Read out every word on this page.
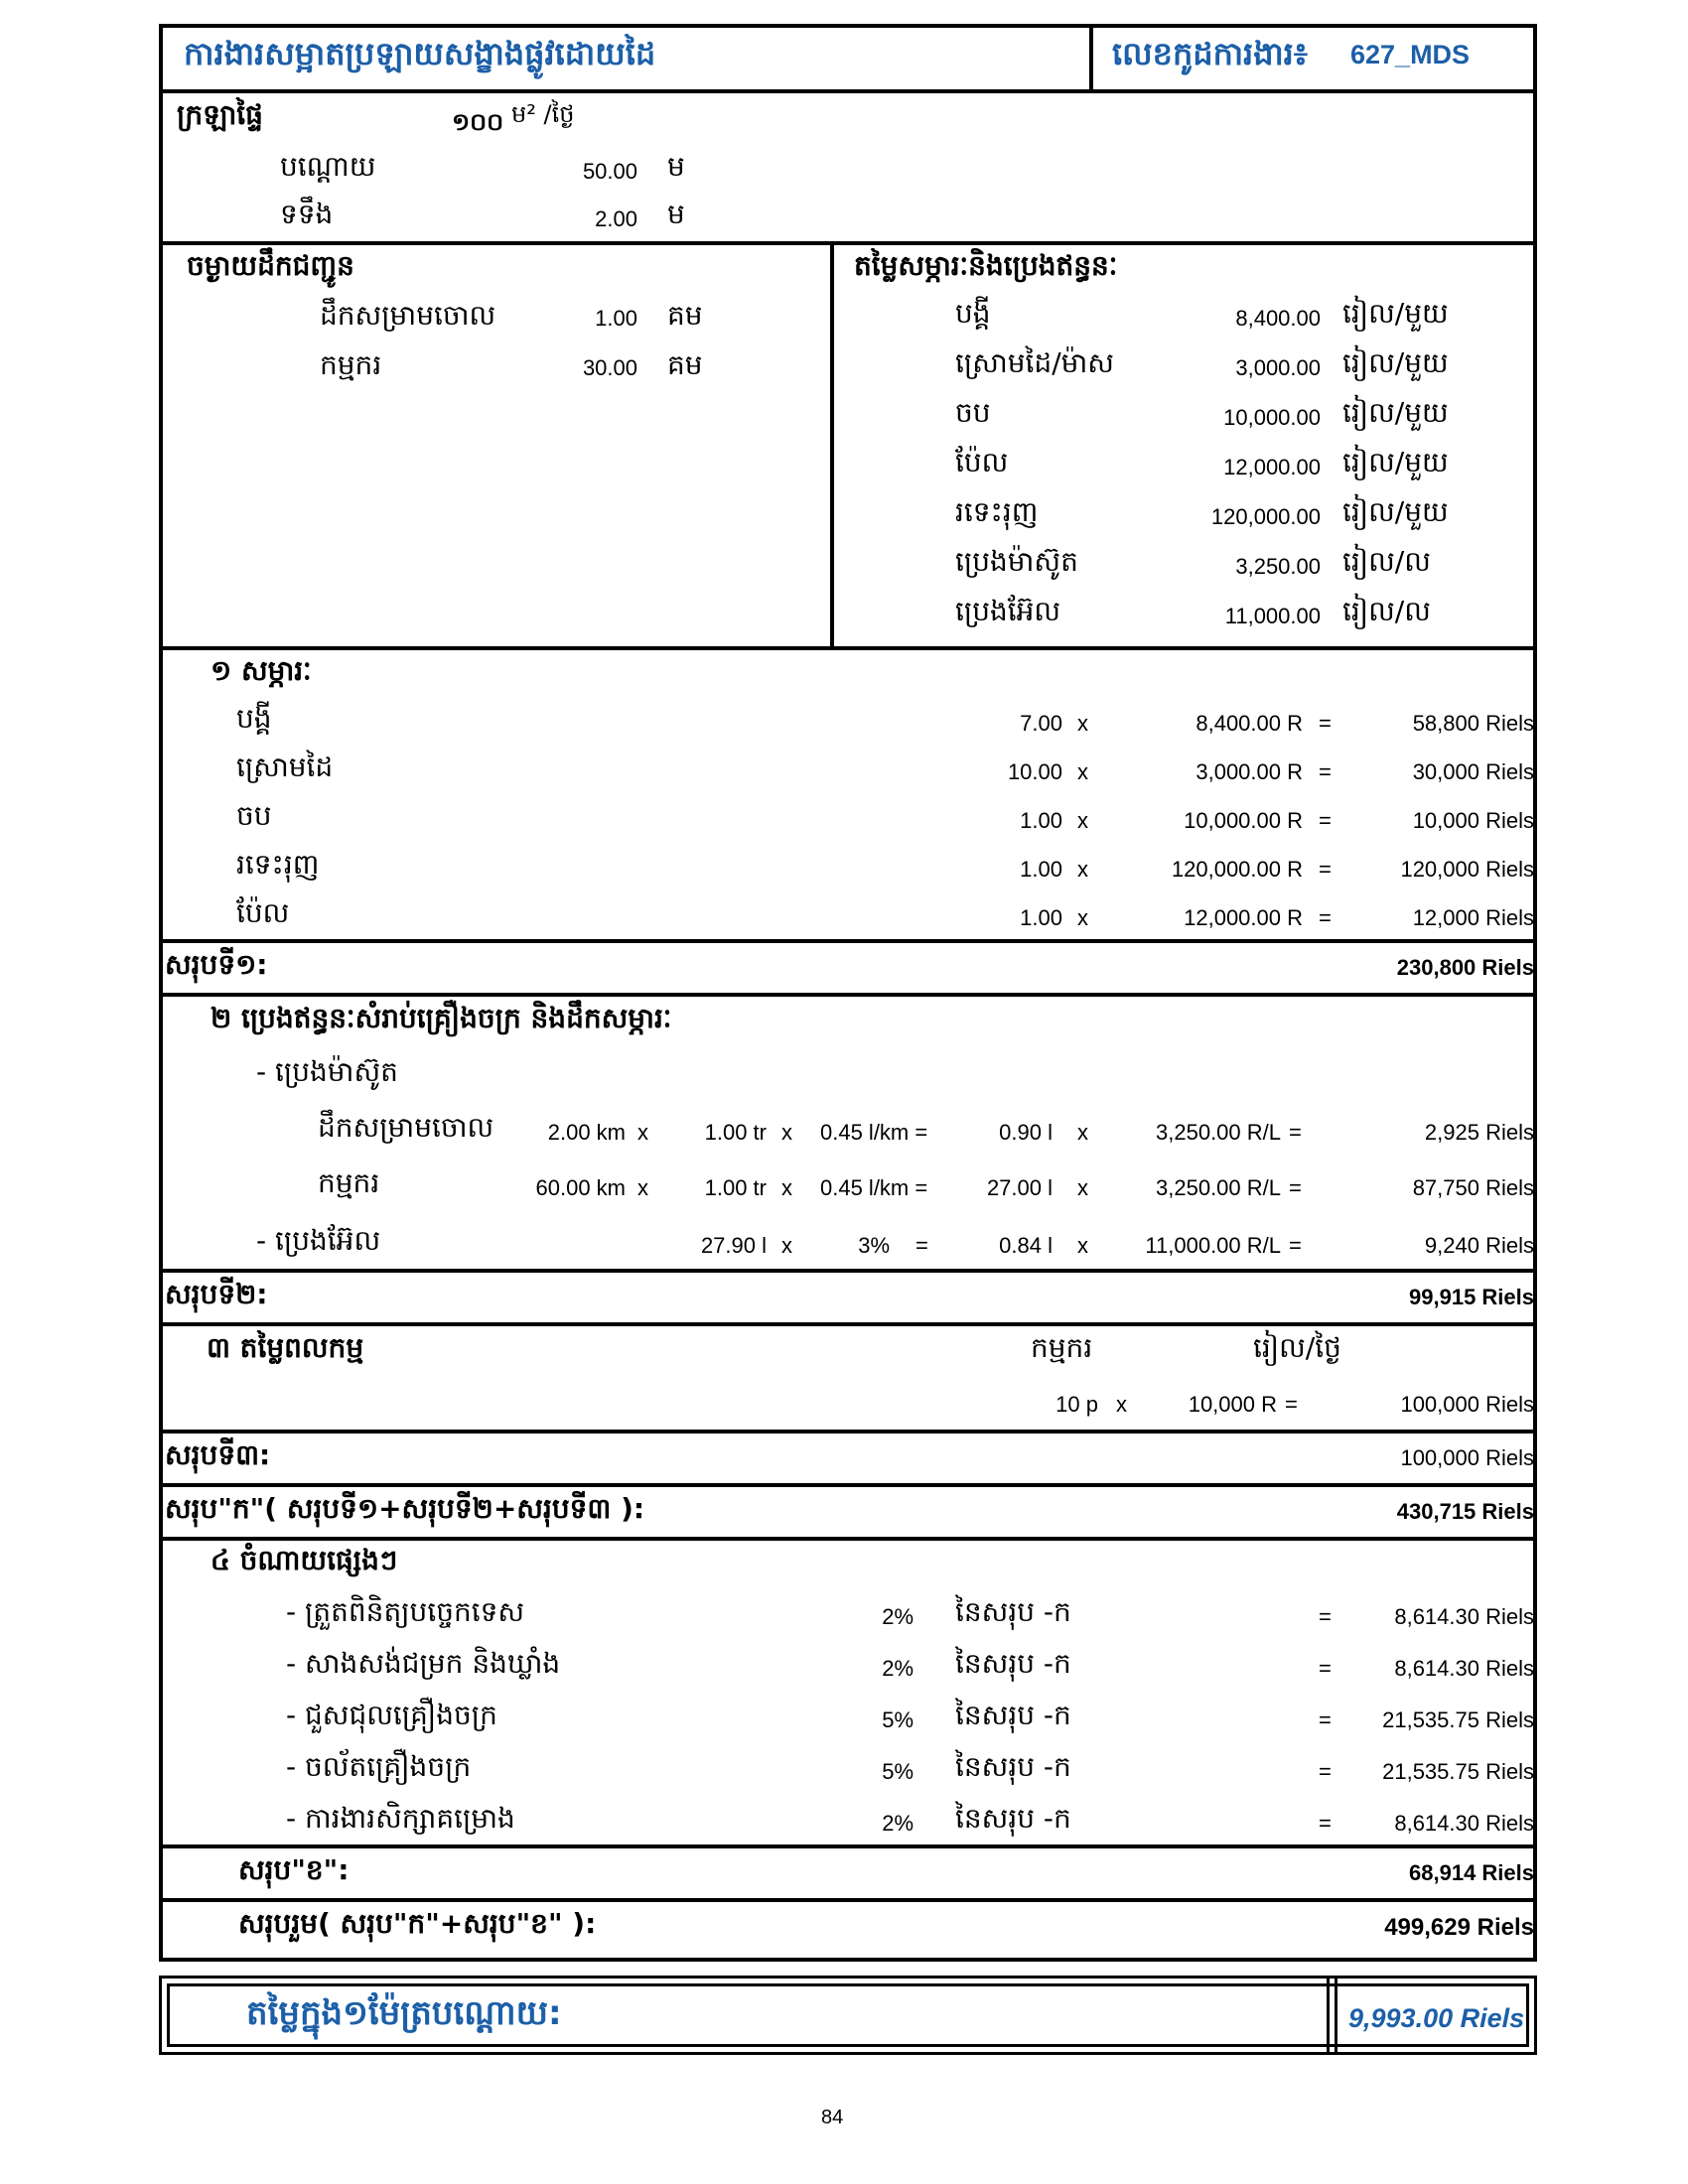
ការងារសម្អាតប្រឡាយសង្ខាងផ្លូវដោយដៃ	លេខកូដការងារ៖ 627_MDS
ក្រឡាផ្ទៃ	១០០ ម² /ថ្ងៃ
បណ្តោយ	50.00 ម
ទទឹង	2.00 ម
ចម្ងាយដឹកជញ្ជូន
ដឹកសម្រាមចោល	1.00 គម
កម្មករ	30.00 គម
តម្លៃសម្ភារៈនិងប្រេងឥន្ធនៈ
បង្គី	8,400.00 រៀល/មួយ
ស្រោមដៃ/ម៉ាស	3,000.00 រៀល/មួយ
ចប	10,000.00 រៀល/មួយ
ប៉ែល	12,000.00 រៀល/មួយ
រទេះរុញ	120,000.00 រៀល/មួយ
ប្រេងម៉ាស៊ូត	3,250.00 រៀល/ល
ប្រេងអ៊ែល	11,000.00 រៀល/ល
១ សម្ភារៈ
បង្គី	7.00 x	8,400.00 R =	58,800 Riels
ស្រោមដៃ	10.00 x	3,000.00 R =	30,000 Riels
ចប	1.00 x	10,000.00 R =	10,000 Riels
រទេះរុញ	1.00 x	120,000.00 R =	120,000 Riels
ប៉ែល	1.00 x	12,000.00 R =	12,000 Riels
សរុបទី១:	230,800 Riels
២ ប្រេងឥន្ធនៈសំរាប់គ្រឿងចក្រ និងដឹកសម្ភារៈ
- ប្រេងម៉ាស៊ូត
ដឹកសម្រាមចោល	2.00 km x	1.00 tr x 0.45 l/km =	0.90 l x	3,250.00 R/L =	2,925 Riels
កម្មករ	60.00 km x	1.00 tr x 0.45 l/km =	27.00 l x	3,250.00 R/L =	87,750 Riels
- ប្រេងអ៊ែល	27.90 l x	3% =	0.84 l x	11,000.00 R/L =	9,240 Riels
សរុបទី២:	99,915 Riels
៣ តម្លៃពលកម្ម	កម្មករ	រៀល/ថ្ងៃ
10 p x	10,000 R =	100,000 Riels
សរុបទី៣:	100,000 Riels
សរុប"ក"( សរុបទី១+សរុបទី២+សរុបទី៣ ):	430,715 Riels
៤ ចំណាយផ្សេងៗ
- ត្រួតពិនិត្យបច្ចេកទេស	2% នៃសរុប -ក	=	8,614.30 Riels
- សាងសង់ជម្រក និងឃ្លាំង	2% នៃសរុប -ក	=	8,614.30 Riels
- ជួសជុលគ្រឿងចក្រ	5% នៃសរុប -ក	=	21,535.75 Riels
- ចល័តគ្រឿងចក្រ	5% នៃសរុប -ក	=	21,535.75 Riels
- ការងារសិក្សាគម្រោង	2% នៃសរុប -ក	=	8,614.30 Riels
សរុប"ខ":	68,914 Riels
សរុបរួម( សរុប"ក"+សរុប"ខ" ):	499,629 Riels
តម្លៃក្នុង១ម៉ែត្របណ្តោយ:	9,993.00 Riels
84
